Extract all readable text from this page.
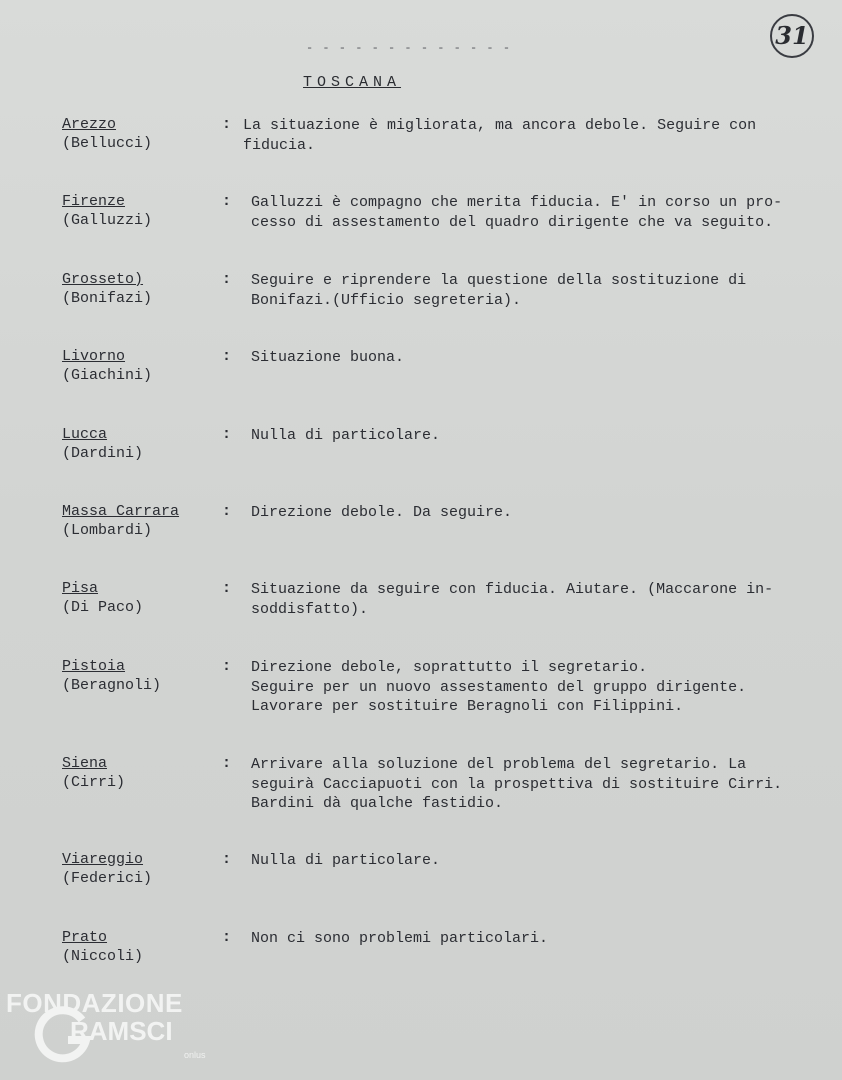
- - - - - - - - - - - - -	31
TOSCANA
Arezzo
(Bellucci)
: La situazione è migliorata, ma ancora debole. Seguire con
fiducia.
Firenze
(Galluzzi)
: Galluzzi è compagno che merita fiducia. E' in corso un pro-
cesso di assestamento del quadro dirigente che va seguito.
Grosseto)
(Bonifazi)
: Seguire e riprendere la questione della sostituzione di
Bonifazi.(Ufficio segreteria).
Livorno
(Giachini)
: Situazione buona.
Lucca
(Dardini)
: Nulla di particolare.
Massa Carrara
(Lombardi)
: Direzione debole. Da seguire.
Pisa
(Di Paco)
: Situazione da seguire con fiducia. Aiutare. (Maccarone in-
soddisfatto).
Pistoia
(Beragnoli)
: Direzione debole, soprattutto il segretario.
Seguire per un nuovo assestamento del gruppo dirigente.
Lavorare per sostituire Beragnoli con Filippini.
Siena
(Cirri)
: Arrivare alla soluzione del problema del segretario. La
seguirà Cacciapuoti con la prospettiva di sostituire Cirri.
Bardini dà qualche fastidio.
Viareggio
(Federici)
: Nulla di particolare.
Prato
(Niccoli)
: Non ci sono problemi particolari.
FONDAZIONE
RAMSCI
onlus
